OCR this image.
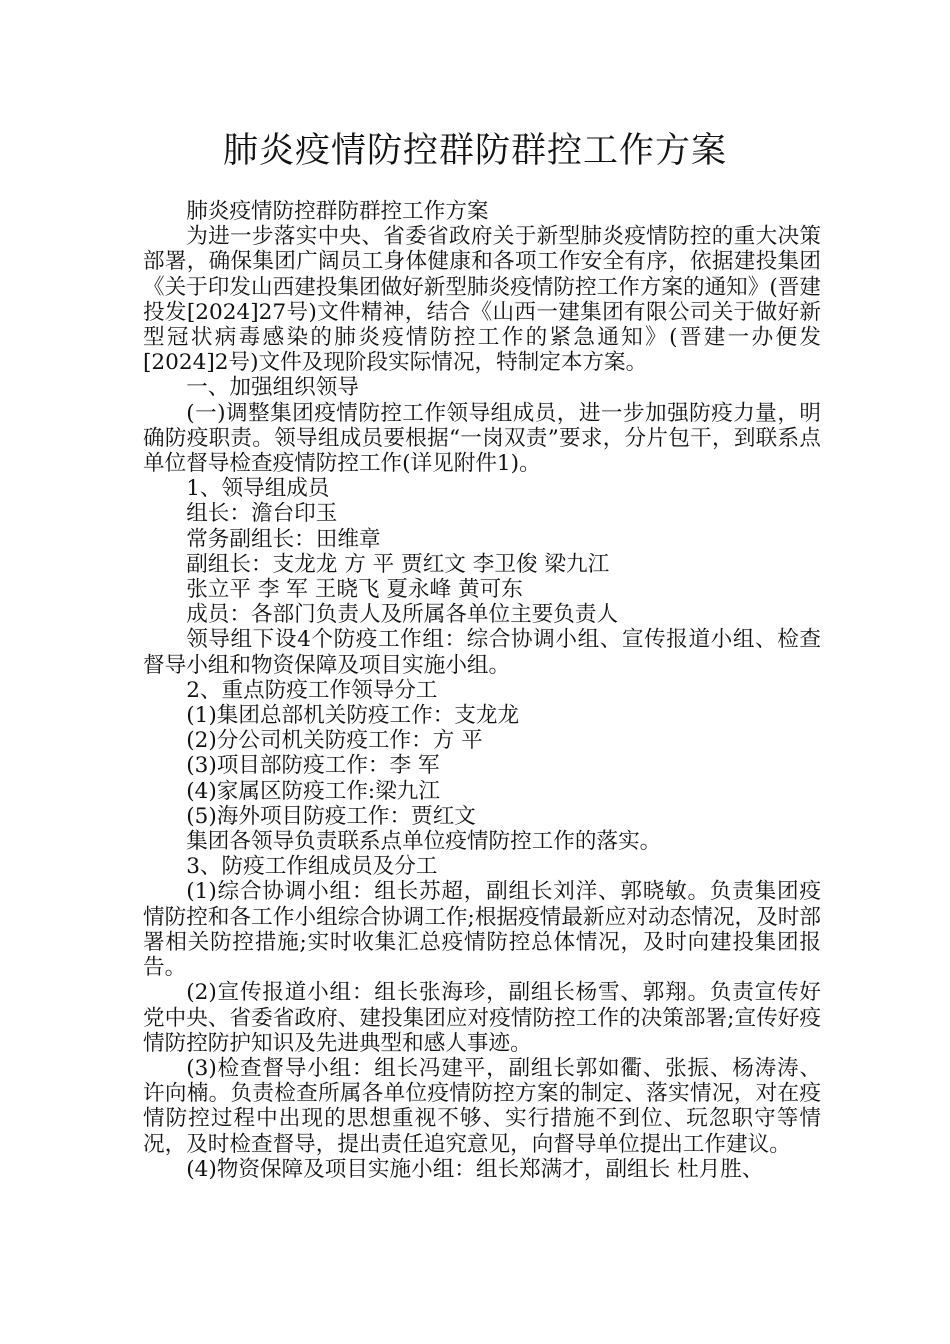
肺炎疫情防控群防群控工作方案

肺炎疫情防控群防群控工作方案

为进一步落实中央、省委省政府关于新型肺炎疫情防控的重大决策部署，确保集团广阔员工身体健康和各项工作安全有序，依据建投集团《关于印发山西建投集团做好新型肺炎疫情防控工作方案的通知》(晋建投发[2024]27号)文件精神，结合《山西一建集团有限公司关于做好新型冠状病毒感染的肺炎疫情防控工作的紧急通知》(晋建一办便发[2024]2号)文件及现阶段实际情况，特制定本方案。

一、加强组织领导

(一)调整集团疫情防控工作领导组成员，进一步加强防疫力量，明确防疫职责。领导组成员要根据“一岗双责”要求，分片包干，到联系点单位督导检查疫情防控工作(详见附件1)。

1、领导组成员

组长：澹台印玉

常务副组长：田维章

副组长：支龙龙 方 平 贾红文 李卫俊 梁九江

张立平 李 军 王晓飞 夏永峰 黄可东

成员：各部门负责人及所属各单位主要负责人

领导组下设4个防疫工作组：综合协调小组、宣传报道小组、检查督导小组和物资保障及项目实施小组。

2、重点防疫工作领导分工

(1)集团总部机关防疫工作：支龙龙

(2)分公司机关防疫工作：方 平

(3)项目部防疫工作：李 军

(4)家属区防疫工作:梁九江

(5)海外项目防疫工作：贾红文

集团各领导负责联系点单位疫情防控工作的落实。

3、防疫工作组成员及分工

(1)综合协调小组：组长苏超，副组长刘洋、郭晓敏。负责集团疫情防控和各工作小组综合协调工作;根据疫情最新应对动态情况，及时部署相关防控措施;实时收集汇总疫情防控总体情况，及时向建投集团报告。

(2)宣传报道小组：组长张海珍，副组长杨雪、郭翔。负责宣传好党中央、省委省政府、建投集团应对疫情防控工作的决策部署;宣传好疫情防控防护知识及先进典型和感人事迹。

(3)检查督导小组：组长冯建平，副组长郭如衢、张振、杨涛涛、许向楠。负责检查所属各单位疫情防控方案的制定、落实情况，对在疫情防控过程中出现的思想重视不够、实行措施不到位、玩忽职守等情况，及时检查督导，提出责任追究意见，向督导单位提出工作建议。

(4)物资保障及项目实施小组：组长郑满才，副组长 杜月胜、
